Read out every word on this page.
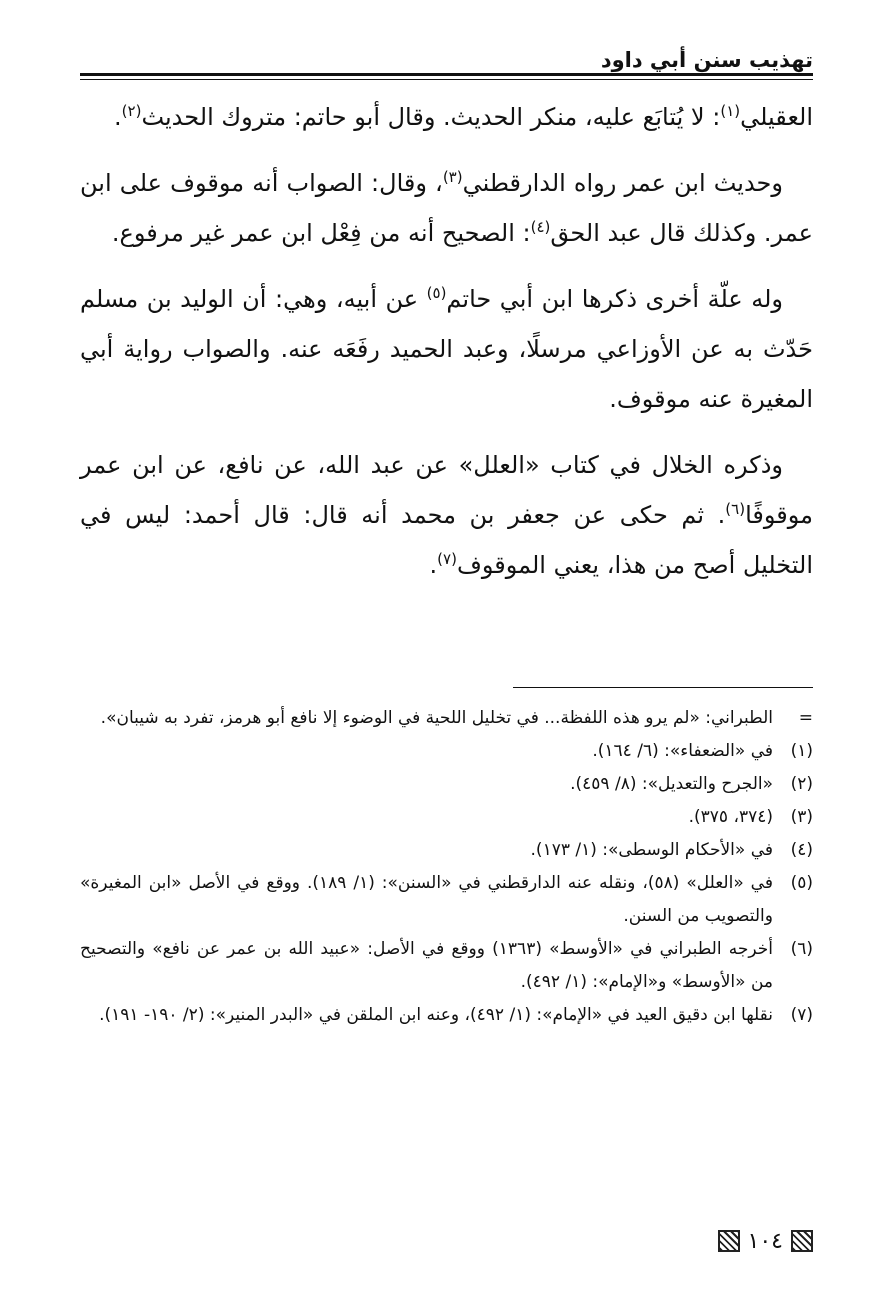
تهذيب سنن أبي داود

العقيلي$^{(١)}$: لا يُتابَع عليه، منكر الحديث. وقال أبو حاتم: متروك الحديث$^{(٢)}$.

وحديث ابن عمر رواه الدارقطني$^{(٣)}$، وقال: الصواب أنه موقوف على ابن عمر. وكذلك قال عبد الحق$^{(٤)}$: الصحيح أنه من فِعْل ابن عمر غير مرفوع.

وله علّة أخرى ذكرها ابن أبي حاتم$^{(٥)}$ عن أبيه، وهي: أن الوليد بن مسلم حَدّث به عن الأوزاعي مرسلًا، وعبد الحميد رفَعَه عنه. والصواب رواية أبي المغيرة عنه موقوف.

وذكره الخلال في كتاب «العلل» عن عبد الله، عن نافع، عن ابن عمر موقوفًا$^{(٦)}$. ثم حكى عن جعفر بن محمد أنه قال: قال أحمد: ليس في التخليل أصح من هذا، يعني الموقوف$^{(٧)}$.

=
الطبراني: «لم يرو هذه اللفظة... في تخليل اللحية في الوضوء إلا نافع أبو هرمز، تفرد به شيبان».
(١)
في «الضعفاء»: (٦/ ١٦٤).
(٢)
«الجرح والتعديل»: (٨/ ٤٥٩).
(٣)
(٣٧٤، ٣٧٥).
(٤)
في «الأحكام الوسطى»: (١/ ١٧٣).
(٥)
في «العلل» (٥٨)، ونقله عنه الدارقطني في «السنن»: (١/ ١٨٩). ووقع في الأصل «ابن المغيرة» والتصويب من السنن.
(٦)
أخرجه الطبراني في «الأوسط» (١٣٦٣) ووقع في الأصل: «عبيد الله بن عمر عن نافع» والتصحيح من «الأوسط» و«الإمام»: (١/ ٤٩٢).
(٧)
نقلها ابن دقيق العيد في «الإمام»: (١/ ٤٩٢)، وعنه ابن الملقن في «البدر المنير»: (٢/ ١٩٠- ١٩١).
١٠٤
